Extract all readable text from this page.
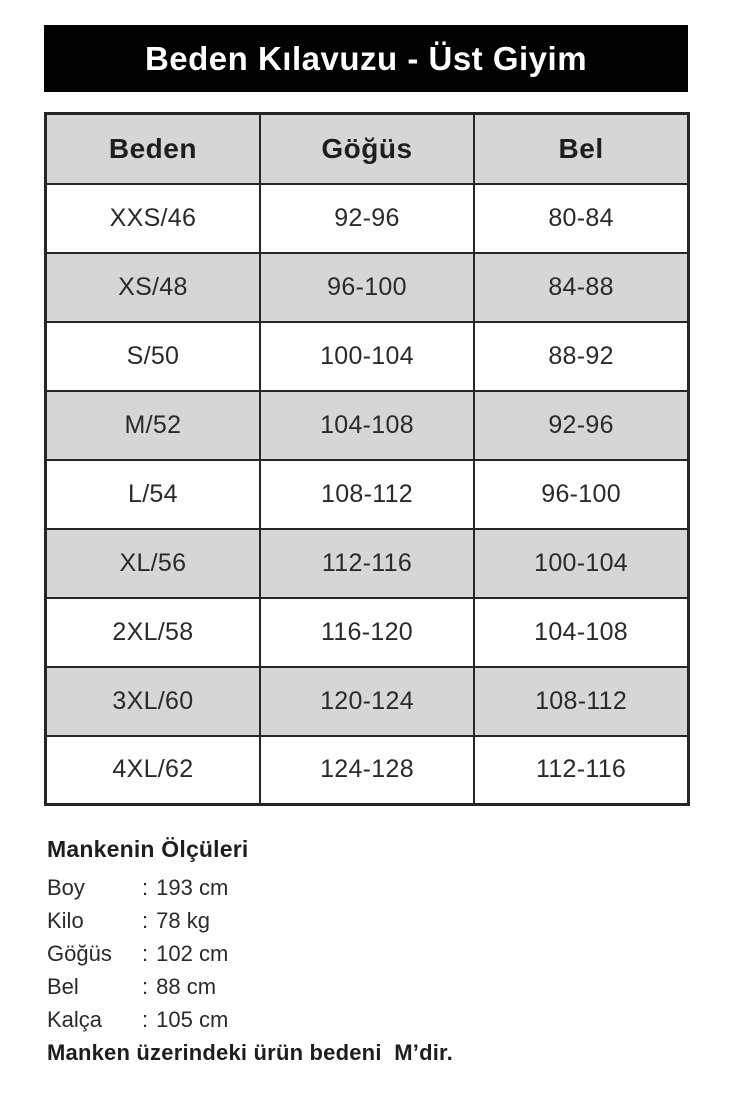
Beden Kılavuzu - Üst Giyim
Beden	Göğüs	Bel
XXS/46	92-96	80-84
XS/48	96-100	84-88
S/50	100-104	88-92
M/52	104-108	92-96
L/54	108-112	96-100
XL/56	112-116	100-104
2XL/58	116-120	104-108
3XL/60	120-124	108-112
4XL/62	124-128	112-116
Mankenin Ölçüleri
Boy	: 193 cm
Kilo	: 78 kg
Göğüs	: 102 cm
Bel	: 88 cm
Kalça	: 105 cm

Manken üzerindeki ürün bedeni  M’dir.
